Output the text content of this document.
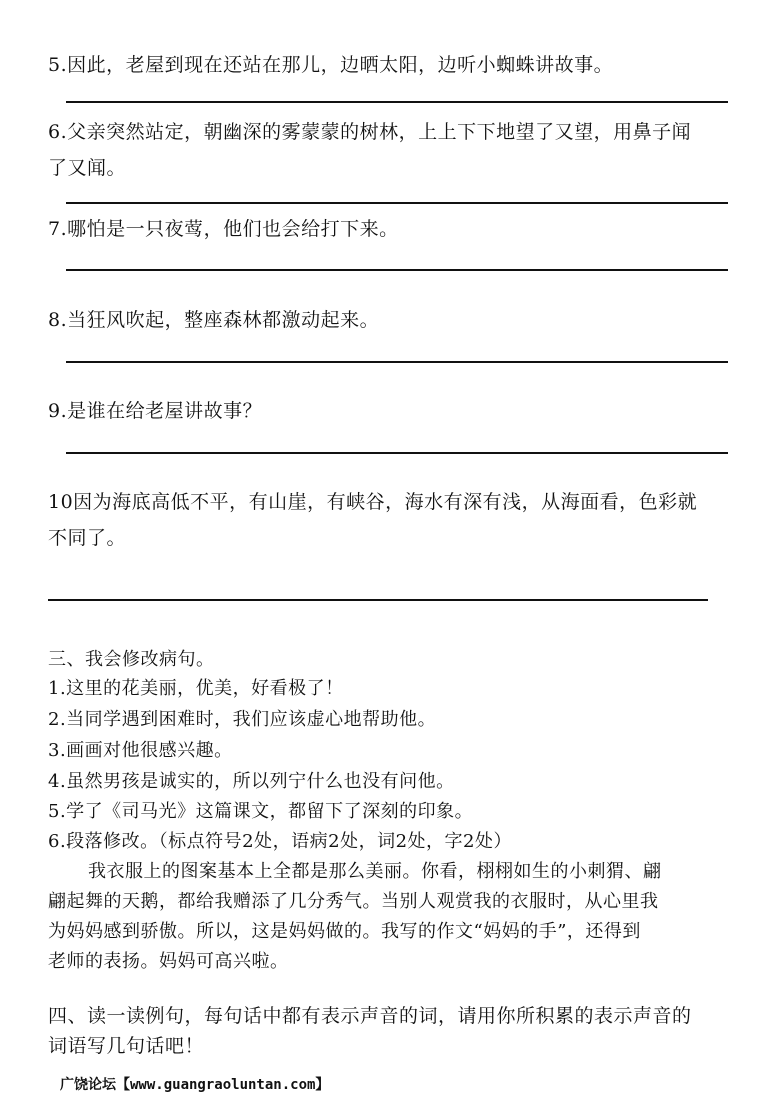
5.因此，老屋到现在还站在那儿，边晒太阳，边听小蜘蛛讲故事。
6.父亲突然站定，朝幽深的雾蒙蒙的树林，上上下下地望了又望，用鼻子闻
了又闻。
7.哪怕是一只夜莺，他们也会给打下来。
8.当狂风吹起，整座森林都激动起来。
9.是谁在给老屋讲故事？
10因为海底高低不平，有山崖，有峡谷，海水有深有浅，从海面看，色彩就
不同了。
三、我会修改病句。
1.这里的花美丽，优美，好看极了！
2.当同学遇到困难时，我们应该虚心地帮助他。
3.画画对他很感兴趣。
4.虽然男孩是诚实的，所以列宁什么也没有问他。
5.学了《司马光》这篇课文，都留下了深刻的印象。
6.段落修改。（标点符号2处，语病2处，词2处，字2处）
我衣服上的图案基本上全都是那么美丽。你看，栩栩如生的小刺猬、翩
翩起舞的天鹅，都给我赠添了几分秀气。当别人观赏我的衣服时，从心里我
为妈妈感到骄傲。所以，这是妈妈做的。我写的作文“妈妈的手”，还得到
老师的表扬。妈妈可高兴啦。
四、读一读例句，每句话中都有表示声音的词，请用你所积累的表示声音的
词语写几句话吧！
广饶论坛【www.guangraoluntan.com】
